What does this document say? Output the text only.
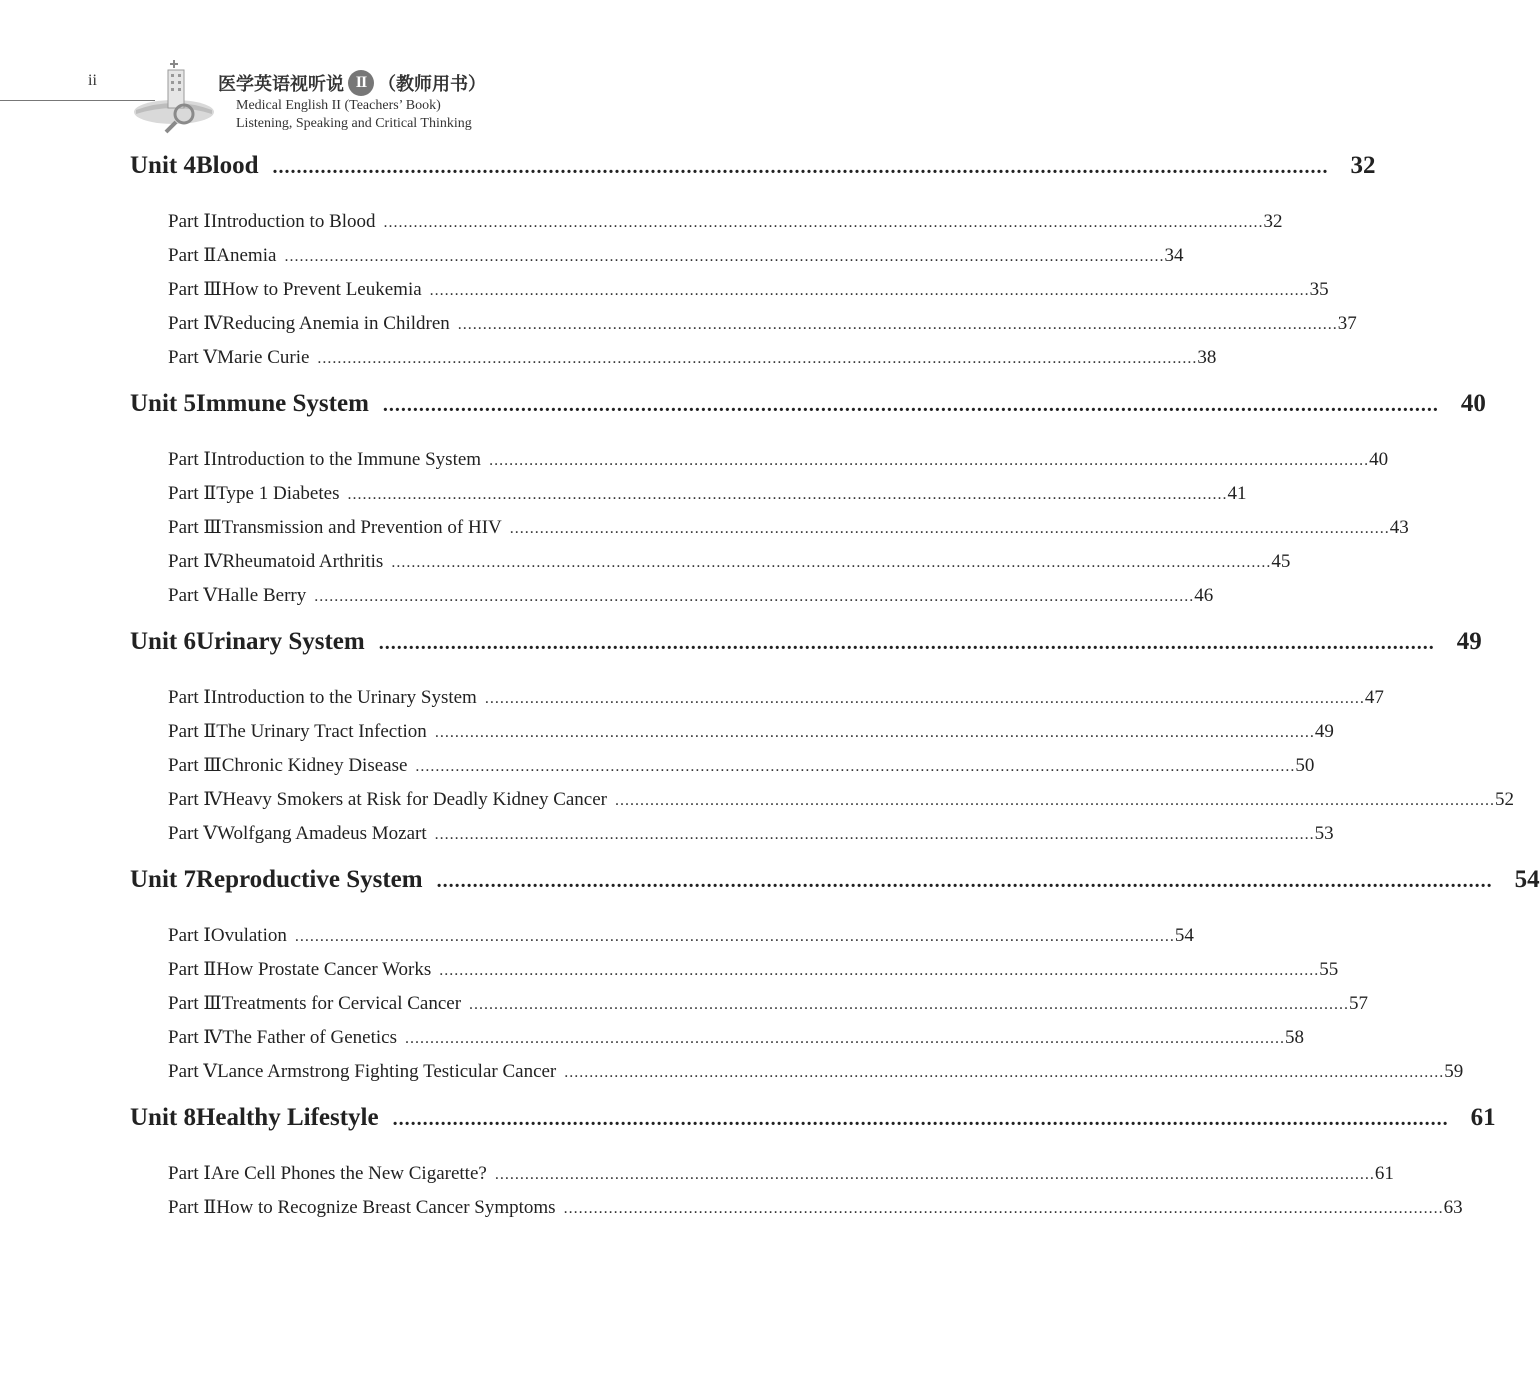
ii	医学英语视听说 II （教师用书）
Medical English II (Teachers’ Book)
Listening, Speaking and Critical Thinking
Unit 4 Blood ................................................................................................................................................................................ 32
Part Ⅰ Introduction to Blood ................................................................................................................................................................................ 32
Part Ⅱ Anemia ................................................................................................................................................................................ 34
Part Ⅲ How to Prevent Leukemia ................................................................................................................................................................................ 35
Part Ⅳ Reducing Anemia in Children ................................................................................................................................................................................ 37
Part Ⅴ Marie Curie ................................................................................................................................................................................ 38
Unit 5 Immune System ................................................................................................................................................................................ 40
Part Ⅰ Introduction to the Immune System ................................................................................................................................................................................ 40
Part Ⅱ Type 1 Diabetes ................................................................................................................................................................................ 41
Part Ⅲ Transmission and Prevention of HIV ................................................................................................................................................................................ 43
Part Ⅳ Rheumatoid Arthritis ................................................................................................................................................................................ 45
Part Ⅴ Halle Berry ................................................................................................................................................................................ 46
Unit 6 Urinary System ................................................................................................................................................................................ 49
Part Ⅰ Introduction to the Urinary System ................................................................................................................................................................................ 47
Part Ⅱ The Urinary Tract Infection ................................................................................................................................................................................ 49
Part Ⅲ Chronic Kidney Disease ................................................................................................................................................................................ 50
Part Ⅳ Heavy Smokers at Risk for Deadly Kidney Cancer ................................................................................................................................................................................ 52
Part Ⅴ Wolfgang Amadeus Mozart ................................................................................................................................................................................ 53
Unit 7 Reproductive System ................................................................................................................................................................................ 54
Part Ⅰ Ovulation ................................................................................................................................................................................ 54
Part Ⅱ How Prostate Cancer Works ................................................................................................................................................................................ 55
Part Ⅲ Treatments for Cervical Cancer ................................................................................................................................................................................ 57
Part Ⅳ The Father of Genetics ................................................................................................................................................................................ 58
Part Ⅴ Lance Armstrong Fighting Testicular Cancer ................................................................................................................................................................................ 59
Unit 8 Healthy Lifestyle ................................................................................................................................................................................ 61
Part Ⅰ Are Cell Phones the New Cigarette? ................................................................................................................................................................................ 61
Part Ⅱ How to Recognize Breast Cancer Symptoms ................................................................................................................................................................................ 63
